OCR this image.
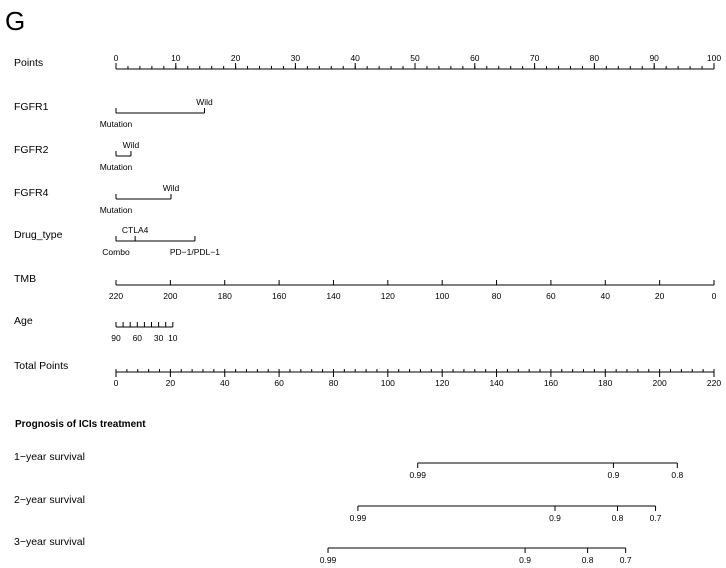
G
Prognosis of ICIs treatment
Points	0	10	20	30	40	50	60	70	80	90	100
FGFR1
Mutation
Wild
FGFR2
Mutation
Wild
FGFR4
Mutation
Wild
Drug_type
Combo
CTLA4
PD−1/PDL−1
TMB
220	200	180	160	140	120	100	80	60	40	20	0
Age
90 60 30 10
Total Points
0	20	40	60	80	100	120	140	160	180	200	220
1−year survival
0.99	0.9	0.8
2−year survival
0.99	0.9	0.8	0.7
3−year survival
0.99	0.9	0.8	0.7
